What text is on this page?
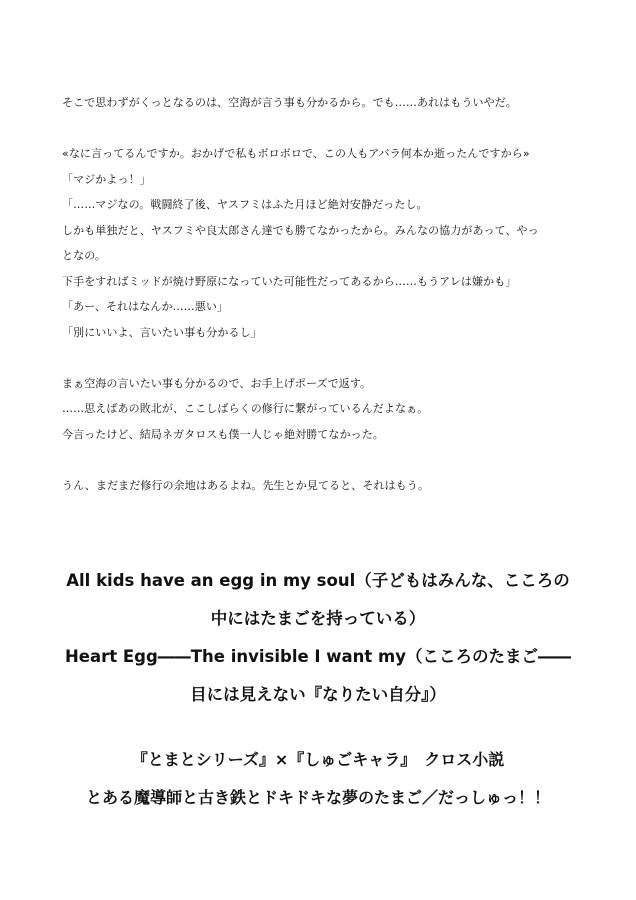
そこで思わずがくっとなるのは、空海が言う事も分かるから。でも……あれはもういやだ。
«なに言ってるんですか。おかげで私もボロボロで、この人もアバラ何本か逝ったんですから»
「マジかよっ！」
「……マジなの。戦闘終了後、ヤスフミはふた月ほど絶対安静だったし。
しかも単独だと、ヤスフミや良太郎さん達でも勝てなかったから。みんなの協力があって、やっ
となの。
下手をすればミッドが焼け野原になっていた可能性だってあるから……もうアレは嫌かも」
「あー、それはなんか……悪い」
「別にいいよ、言いたい事も分かるし」
まぁ空海の言いたい事も分かるので、お手上げポーズで返す。
……思えばあの敗北が、ここしばらくの修行に繋がっているんだよなぁ。
今言ったけど、結局ネガタロスも僕一人じゃ絶対勝てなかった。
うん、まだまだ修行の余地はあるよね。先生とか見てると、それはもう。
All kids have an egg in my soul（子どもはみんな、こころの
中にはたまごを持っている）
Heart Egg――The invisible I want my（こころのたまご――
目には見えない『なりたい自分』）
『とまとシリーズ』×『しゅごキャラ』　クロス小説
とある魔導師と古き鉄とドキドキな夢のたまご／だっしゅっ！！
